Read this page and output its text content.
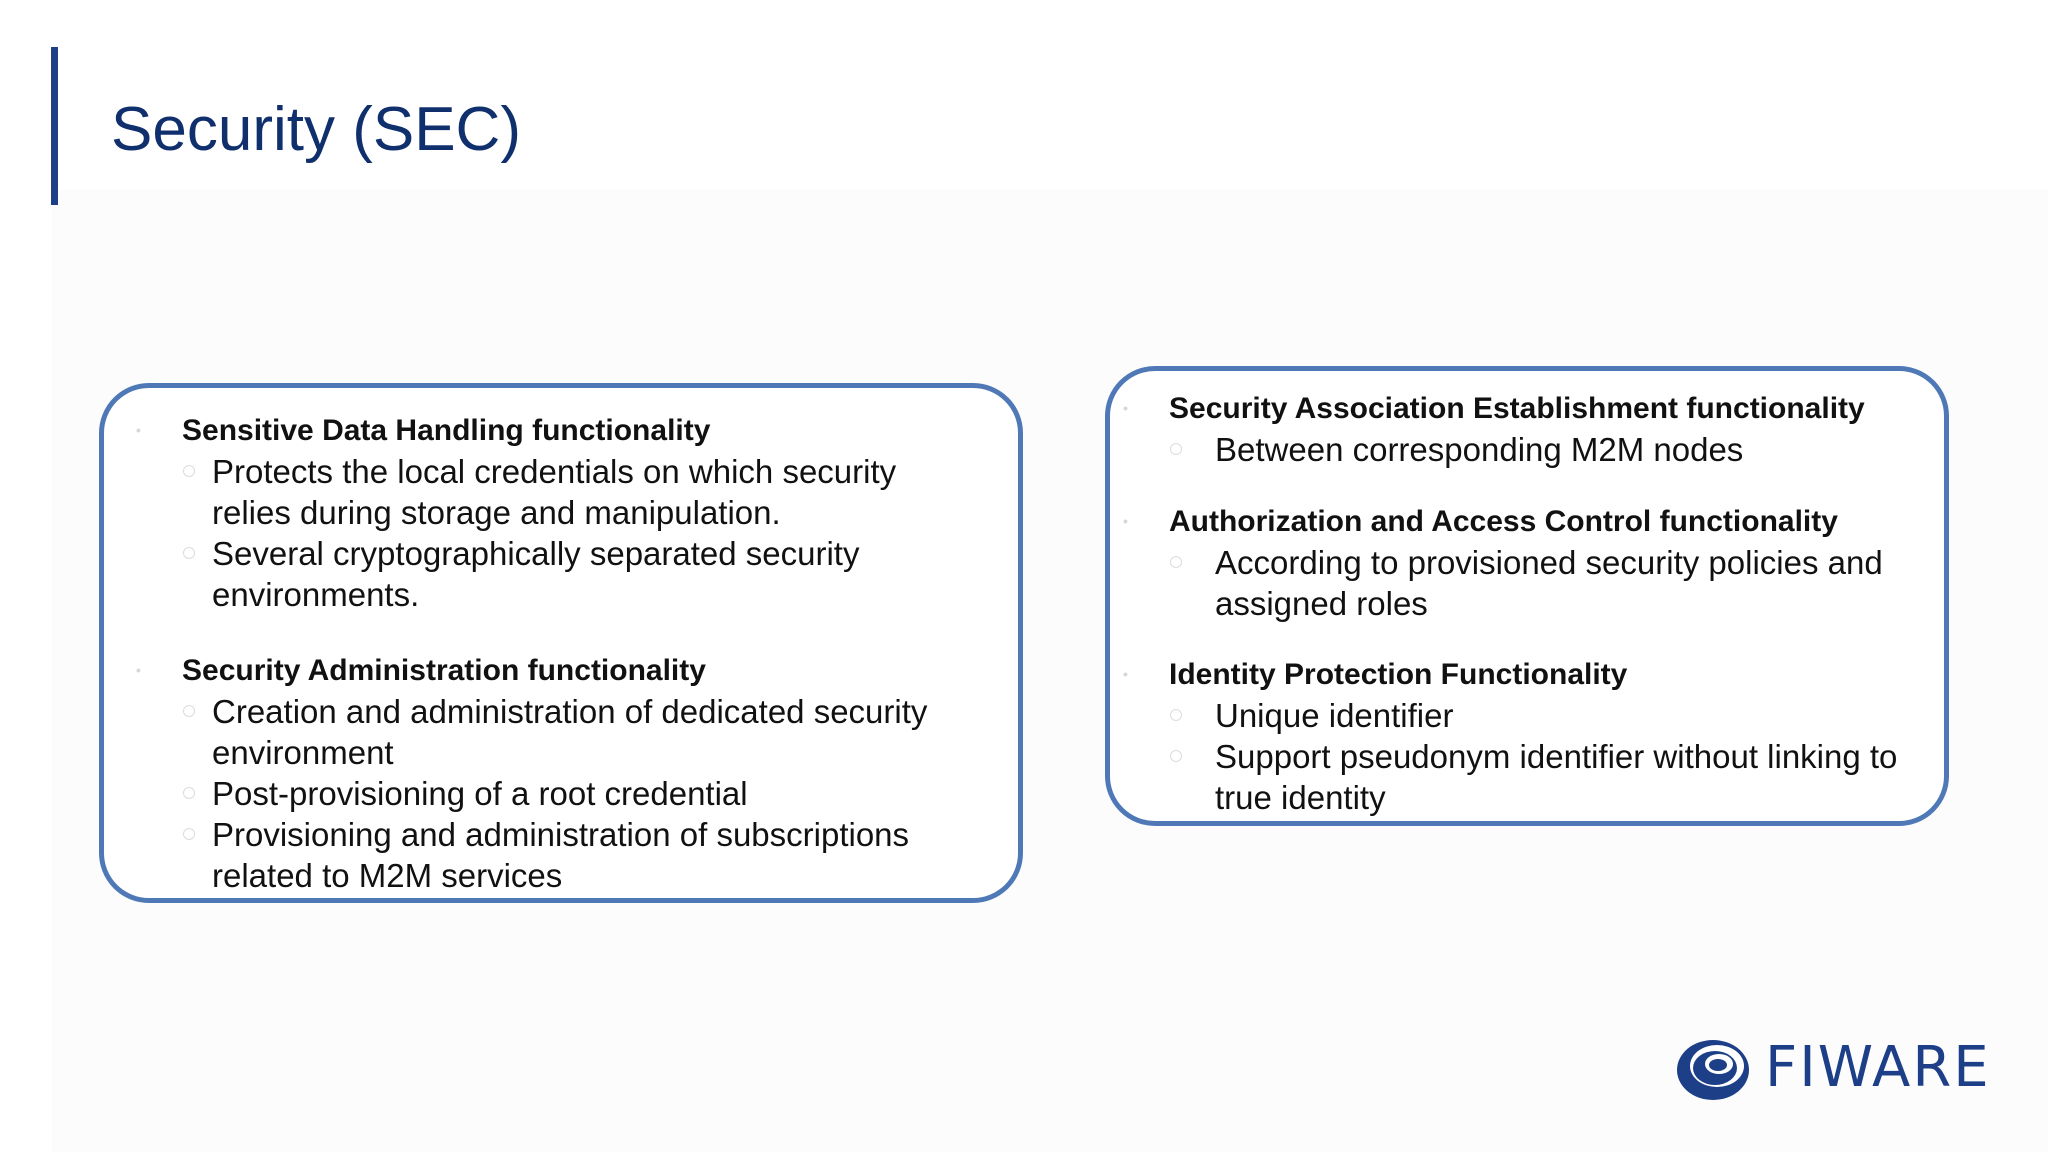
Security (SEC)
• Sensitive Data Handling functionality
Protects the local credentials on which security relies during storage and manipulation.
Several cryptographically separated security environments.
• Security Administration functionality
Creation and administration of dedicated security environment
Post-provisioning of a root credential
Provisioning and administration of subscriptions related to M2M services
• Security Association Establishment functionality
Between corresponding M2M nodes
• Authorization and Access Control functionality
According to provisioned security policies and assigned roles
• Identity Protection Functionality
Unique identifier
Support pseudonym identifier without linking to true identity
FIWARE
